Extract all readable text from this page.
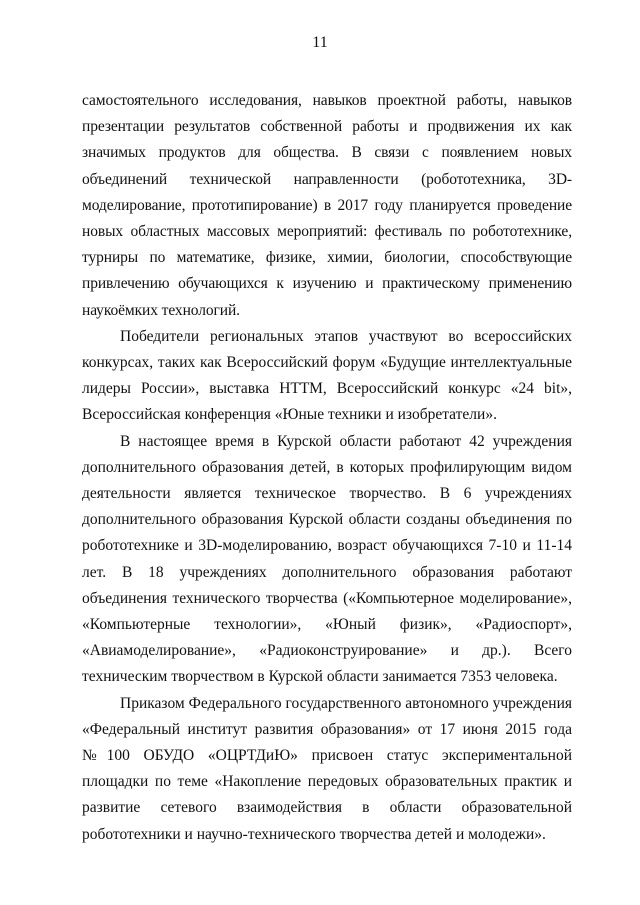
11

самостоятельного исследования, навыков проектной работы, навыков презентации результатов собственной работы и продвижения их как значимых продуктов для общества. В связи с появлением новых объединений технической направленности (робототехника, 3D-моделирование, прототипирование) в 2017 году планируется проведение новых областных массовых мероприятий: фестиваль по робототехнике, турниры по математике, физике, химии, биологии, способствующие привлечению обучающихся к изучению и практическому применению наукоёмких технологий.

Победители региональных этапов участвуют во всероссийских конкурсах, таких как Всероссийский форум «Будущие интеллектуальные лидеры России», выставка НТТМ, Всероссийский конкурс «24 bit», Всероссийская конференция «Юные техники и изобретатели».

В настоящее время в Курской области работают 42 учреждения дополнительного образования детей, в которых профилирующим видом деятельности является техническое творчество. В 6 учреждениях дополнительного образования Курской области созданы объединения по робототехнике и 3D-моделированию, возраст обучающихся 7-10 и 11-14 лет. В 18 учреждениях дополнительного образования работают объединения технического творчества («Компьютерное моделирование», «Компьютерные технологии», «Юный физик», «Радиоспорт», «Авиамоделирование», «Радиоконструирование» и др.). Всего техническим творчеством в Курской области занимается 7353 человека.

Приказом Федерального государственного автономного учреждения «Федеральный институт развития образования» от 17 июня 2015 года №100 ОБУДО «ОЦРТДиЮ» присвоен статус экспериментальной площадки по теме «Накопление передовых образовательных практик и развитие сетевого взаимодействия в области образовательной робототехники и научно-технического творчества детей и молодежи».
